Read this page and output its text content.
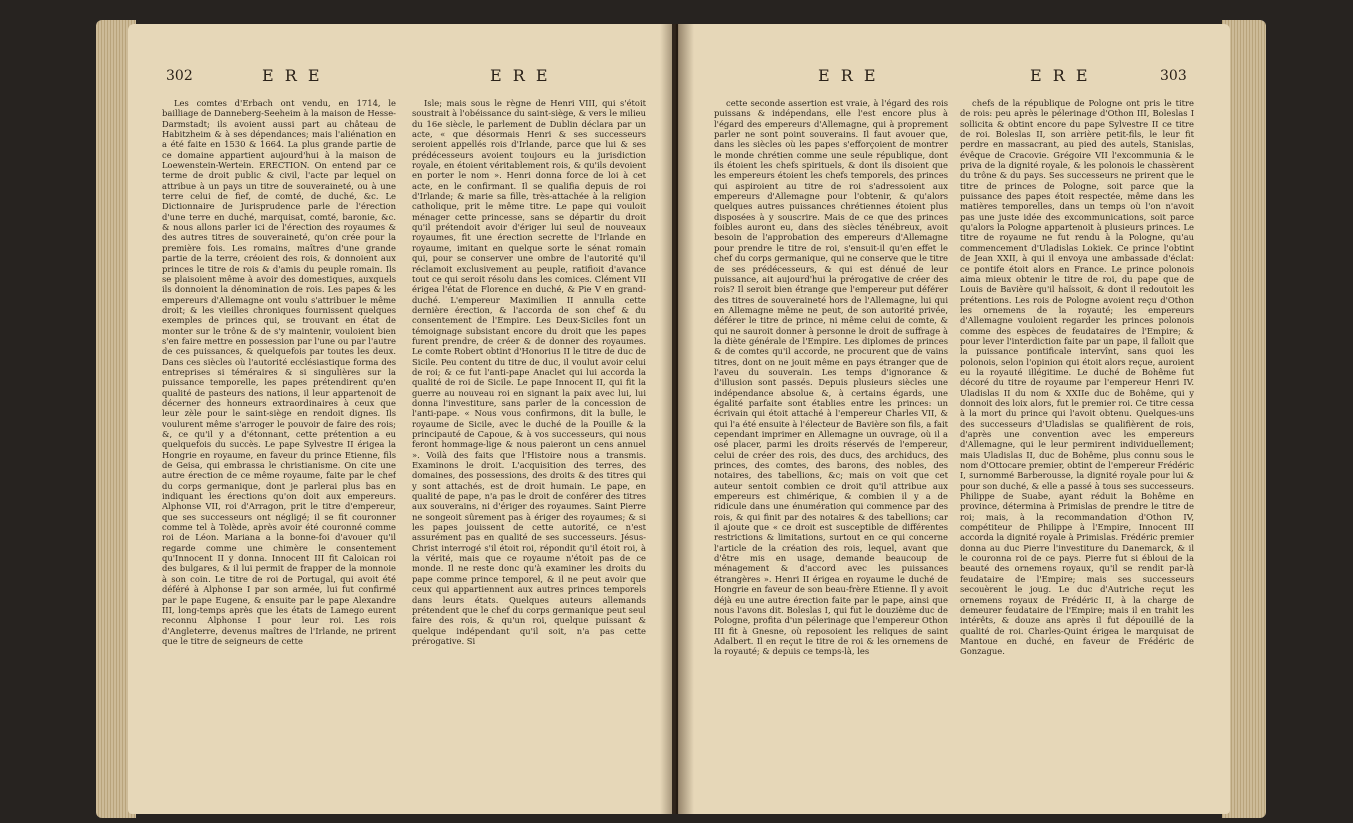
302	E R E	E R E

Les comtes d'Erbach ont vendu, en 1714, le bailliage de Danneberg-Seeheim à la maison de Hesse-Darmstadt; ils avoient aussi part au château de Habitzheim & à ses dépendances; mais l'aliénation en a été faite en 1530 & 1664. La plus grande partie de ce domaine appartient aujourd'hui à la maison de Loewenstein-Wertein. ERECTION. On entend par ce terme de droit public & civil, l'acte par lequel on attribue à un pays un titre de souveraineté, ou à une terre celui de fief, de comté, de duché, &c. Le Dictionnaire de Jurisprudence parle de l'érection d'une terre en duché, marquisat, comté, baronie, &c. & nous allons parler ici de l'érection des royaumes & des autres titres de souveraineté, qu'on crée pour la première fois. Les romains, maîtres d'une grande partie de la terre, créoient des rois, & donnoient aux princes le titre de rois & d'amis du peuple romain. Ils se plaisoient même à avoir des domestiques, auxquels ils donnoient la dénomination de rois. Les papes & les empereurs d'Allemagne ont voulu s'attribuer le même droit; & les vieilles chroniques fournissent quelques exemples de princes qui, se trouvant en état de monter sur le trône & de s'y maintenir, vouloient bien s'en faire mettre en possession par l'une ou par l'autre de ces puissances, & quelquefois par toutes les deux. Dans ces siècles où l'autorité ecclésiastique forma des entreprises si téméraires & si singulières sur la puissance temporelle, les papes prétendirent qu'en qualité de pasteurs des nations, il leur appartenoit de décerner des honneurs extraordinaires à ceux que leur zèle pour le saint-siège en rendoit dignes. Ils voulurent même s'arroger le pouvoir de faire des rois; &, ce qu'il y a d'étonnant, cette prétention a eu quelquefois du succès. Le pape Sylvestre II érigea la Hongrie en royaume, en faveur du prince Etienne, fils de Geisa, qui embrassa le christianisme. On cite une autre érection de ce même royaume, faite par le chef du corps germanique, dont je parlerai plus bas en indiquant les érections qu'on doit aux empereurs. Alphonse VII, roi d'Arragon, prit le titre d'empereur, que ses successeurs ont négligé; il se fit couronner comme tel à Tolède, après avoir été couronné comme roi de Léon. Mariana a la bonne-foi d'avouer qu'il regarde comme une chimère le consentement qu'Innocent II y donna. Innocent III fit Caloican roi des bulgares, & il lui permit de frapper de la monnoie à son coin. Le titre de roi de Portugal, qui avoit été déféré à Alphonse I par son armée, lui fut confirmé par le pape Eugene, & ensuite par le pape Alexandre III, long-temps après que les états de Lamego eurent reconnu Alphonse I pour leur roi. Les rois d'Angleterre, devenus maîtres de l'Irlande, ne prirent que le titre de seigneurs de cette

Isle; mais sous le règne de Henri VIII, qui s'étoit soustrait à l'obéissance du saint-siège, & vers le milieu du 16e siècle, le parlement de Dublin déclara par un acte, « que désormais Henri & ses successeurs seroient appellés rois d'Irlande, parce que lui & ses prédécesseurs avoient toujours eu la jurisdiction royale, en étoient véritablement rois, & qu'ils devoient en porter le nom ». Henri donna force de loi à cet acte, en le confirmant. Il se qualifia depuis de roi d'Irlande; & marie sa fille, très-attachée à la religion catholique, prit le même titre. Le pape qui vouloit ménager cette princesse, sans se départir du droit qu'il prétendoit avoir d'ériger lui seul de nouveaux royaumes, fit une érection secrette de l'Irlande en royaume, imitant en quelque sorte le sénat romain qui, pour se conserver une ombre de l'autorité qu'il réclamoit exclusivement au peuple, ratifioit d'avance tout ce qui seroit résolu dans les comices. Clément VII érigea l'état de Florence en duché, & Pie V en grand-duché. L'empereur Maximilien II annulla cette dernière érection, & l'accorda de son chef & du consentement de l'Empire. Les Deux-Siciles font un témoignage subsistant encore du droit que les papes furent prendre, de créer & de donner des royaumes. Le comte Robert obtint d'Honorius II le titre de duc de Sicile. Peu content du titre de duc, il voulut avoir celui de roi; & ce fut l'anti-pape Anaclet qui lui accorda la qualité de roi de Sicile. Le pape Innocent II, qui fit la guerre au nouveau roi en signant la paix avec lui, lui donna l'investiture, sans parler de la concession de l'anti-pape. « Nous vous confirmons, dit la bulle, le royaume de Sicile, avec le duché de la Pouille & la principauté de Capoue, & à vos successeurs, qui nous feront hommage-lige & nous paieront un cens annuel ». Voilà des faits que l'Histoire nous a transmis. Examinons le droit. L'acquisition des terres, des domaines, des possessions, des droits & des titres qui y sont attachés, est de droit humain. Le pape, en qualité de pape, n'a pas le droit de conférer des titres aux souverains, ni d'ériger des royaumes. Saint Pierre ne songeoit sûrement pas à ériger des royaumes; & si les papes jouissent de cette autorité, ce n'est assurément pas en qualité de ses successeurs. Jésus-Christ interrogé s'il étoit roi, répondit qu'il étoit roi, à la vérité, mais que ce royaume n'étoit pas de ce monde. Il ne reste donc qu'à examiner les droits du pape comme prince temporel, & il ne peut avoir que ceux qui appartiennent aux autres princes temporels dans leurs états. Quelques auteurs allemands prétendent que le chef du corps germanique peut seul faire des rois, & qu'un roi, quelque puissant & quelque indépendant qu'il soit, n'a pas cette prérogative. Si

E R E	E R E	303

cette seconde assertion est vraie, à l'égard des rois puissans & indépendans, elle l'est encore plus à l'égard des empereurs d'Allemagne, qui à proprement parler ne sont point souverains. Il faut avouer que, dans les siècles où les papes s'efforçoient de montrer le monde chrétien comme une seule république, dont ils étoient les chefs spirituels, & dont ils disoient que les empereurs étoient les chefs temporels, des princes qui aspiroient au titre de roi s'adressoient aux empereurs d'Allemagne pour l'obtenir, & qu'alors quelques autres puissances chrétiennes étoient plus disposées à y souscrire. Mais de ce que des princes foibles auront eu, dans des siècles ténébreux, avoit besoin de l'approbation des empereurs d'Allemagne pour prendre le titre de roi, s'ensuit-il qu'en effet le chef du corps germanique, qui ne conserve que le titre de ses prédécesseurs, & qui est dénué de leur puissance, ait aujourd'hui la prérogative de créer des rois? Il seroit bien étrange que l'empereur put déférer des titres de souveraineté hors de l'Allemagne, lui qui en Allemagne même ne peut, de son autorité privée, déférer le titre de prince, ni même celui de comte, & qui ne sauroit donner à personne le droit de suffrage à la diète générale de l'Empire. Les diplomes de princes & de comtes qu'il accorde, ne procurent que de vains titres, dont on ne jouit même en pays étranger que de l'aveu du souverain. Les temps d'ignorance & d'illusion sont passés. Depuis plusieurs siècles une indépendance absolue &, à certains égards, une égalité parfaite sont établies entre les princes: un écrivain qui étoit attaché à l'empereur Charles VII, & qui l'a été ensuite à l'électeur de Bavière son fils, a fait cependant imprimer en Allemagne un ouvrage, où il a osé placer, parmi les droits réservés de l'empereur, celui de créer des rois, des ducs, des archiducs, des princes, des comtes, des barons, des nobles, des notaires, des tabellions, &c; mais on voit que cet auteur sentoit combien ce droit qu'il attribue aux empereurs est chimérique, & combien il y a de ridicule dans une énumération qui commence par des rois, & qui finit par des notaires & des tabellions; car il ajoute que « ce droit est susceptible de différentes restrictions & limitations, surtout en ce qui concerne l'article de la création des rois, lequel, avant que d'être mis en usage, demande beaucoup de ménagement & d'accord avec les puissances étrangères ». Henri II érigea en royaume le duché de Hongrie en faveur de son beau-frère Etienne. Il y avoit déjà eu une autre érection faite par le pape, ainsi que nous l'avons dit. Boleslas I, qui fut le douzième duc de Pologne, profita d'un pélerinage que l'empereur Othon III fit à Gnesne, où reposoient les reliques de saint Adalbert. Il en reçut le titre de roi & les ornemens de la royauté; & depuis ce temps-là, les

chefs de la république de Pologne ont pris le titre de rois: peu après le pélerinage d'Othon III, Boleslas I sollicita & obtint encore du pape Sylvestre II ce titre de roi. Boleslas II, son arrière petit-fils, le leur fit perdre en massacrant, au pied des autels, Stanislas, évêque de Cracovie. Grégoire VII l'excommunia & le priva de la dignité royale, & les polonois le chassèrent du trône & du pays. Ses successeurs ne prirent que le titre de princes de Pologne, soit parce que la puissance des papes étoit respectée, même dans les matières temporelles, dans un temps où l'on n'avoit pas une juste idée des excommunications, soit parce qu'alors la Pologne appartenoit à plusieurs princes. Le titre de royaume ne fut rendu à la Pologne, qu'au commencement d'Uladislas Lokiek. Ce prince l'obtint de Jean XXII, à qui il envoya une ambassade d'éclat: ce pontife étoit alors en France. Le prince polonois aima mieux obtenir le titre de roi, du pape que de Louis de Bavière qu'il haïssoit, & dont il redoutoit les prétentions. Les rois de Pologne avoient reçu d'Othon les ornemens de la royauté; les empereurs d'Allemagne vouloient regarder les princes polonois comme des espèces de feudataires de l'Empire; & pour lever l'interdiction faite par un pape, il falloit que la puissance pontificale intervînt, sans quoi les polonois, selon l'opinion qui étoit alors reçue, auroient eu la royauté illégitime. Le duché de Bohême fut décoré du titre de royaume par l'empereur Henri IV. Uladislas II du nom & XXIIe duc de Bohême, qui y donnoit des loix alors, fut le premier roi. Ce titre cessa à la mort du prince qui l'avoit obtenu. Quelques-uns des successeurs d'Uladislas se qualifièrent de rois, d'après une convention avec les empereurs d'Allemagne, qui le leur permirent individuellement; mais Uladislas II, duc de Bohême, plus connu sous le nom d'Ottocare premier, obtint de l'empereur Frédéric I, surnommé Barberousse, la dignité royale pour lui & pour son duché, & elle a passé à tous ses successeurs. Philippe de Suabe, ayant réduit la Bohême en province, détermina à Primislas de prendre le titre de roi; mais, à la recommandation d'Othon IV, compétiteur de Philippe à l'Empire, Innocent III accorda la dignité royale à Primislas. Frédéric premier donna au duc Pierre l'investiture du Danemarck, & il le couronna roi de ce pays. Pierre fut si ébloui de la beauté des ornemens royaux, qu'il se rendit par-là feudataire de l'Empire; mais ses successeurs secouèrent le joug. Le duc d'Autriche reçut les ornemens royaux de Frédéric II, à la charge de demeurer feudataire de l'Empire; mais il en trahit les intérêts, & douze ans après il fut dépouillé de la qualité de roi. Charles-Quint érigea le marquisat de Mantoue en duché, en faveur de Frédéric de Gonzague.
